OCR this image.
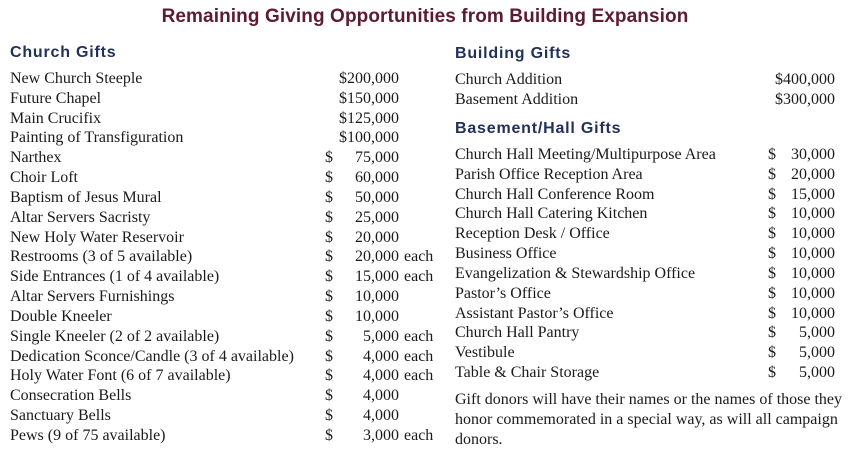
Remaining Giving Opportunities from Building Expansion
Church Gifts
New Church Steeple	$200,000
Future Chapel	$150,000
Main Crucifix	$125,000
Painting of Transfiguration	$100,000
Narthex	$	75,000
Choir Loft	$	60,000
Baptism of Jesus Mural	$	50,000
Altar Servers Sacristy	$	25,000
New Holy Water Reservoir	$	20,000
Restrooms (3 of 5 available)	$	20,000 each
Side Entrances (1 of 4 available)	$	15,000 each
Altar Servers Furnishings	$	10,000
Double Kneeler	$	10,000
Single Kneeler (2 of 2 available)	$	5,000 each
Dedication Sconce/Candle (3 of 4 available) $	4,000 each
Holy Water Font (6 of 7 available)	$	4,000 each
Consecration Bells	$	4,000
Sanctuary Bells	$	4,000
Pews (9 of 75 available)	$	3,000 each
Building Gifts
Church Addition	$400,000
Basement Addition	$300,000
Basement/Hall Gifts
Church Hall Meeting/Multipurpose Area	$ 30,000
Parish Office Reception Area	$ 20,000
Church Hall Conference Room	$ 15,000
Church Hall Catering Kitchen	$ 10,000
Reception Desk / Office	$ 10,000
Business Office	$ 10,000
Evangelization & Stewardship Office	$ 10,000
Pastor’s Office	$ 10,000
Assistant Pastor’s Office	$ 10,000
Church Hall Pantry	$	5,000
Vestibule	$	5,000
Table & Chair Storage	$	5,000
Gift donors will have their names or the names of those they honor commemorated in a special way, as will all campaign donors.
